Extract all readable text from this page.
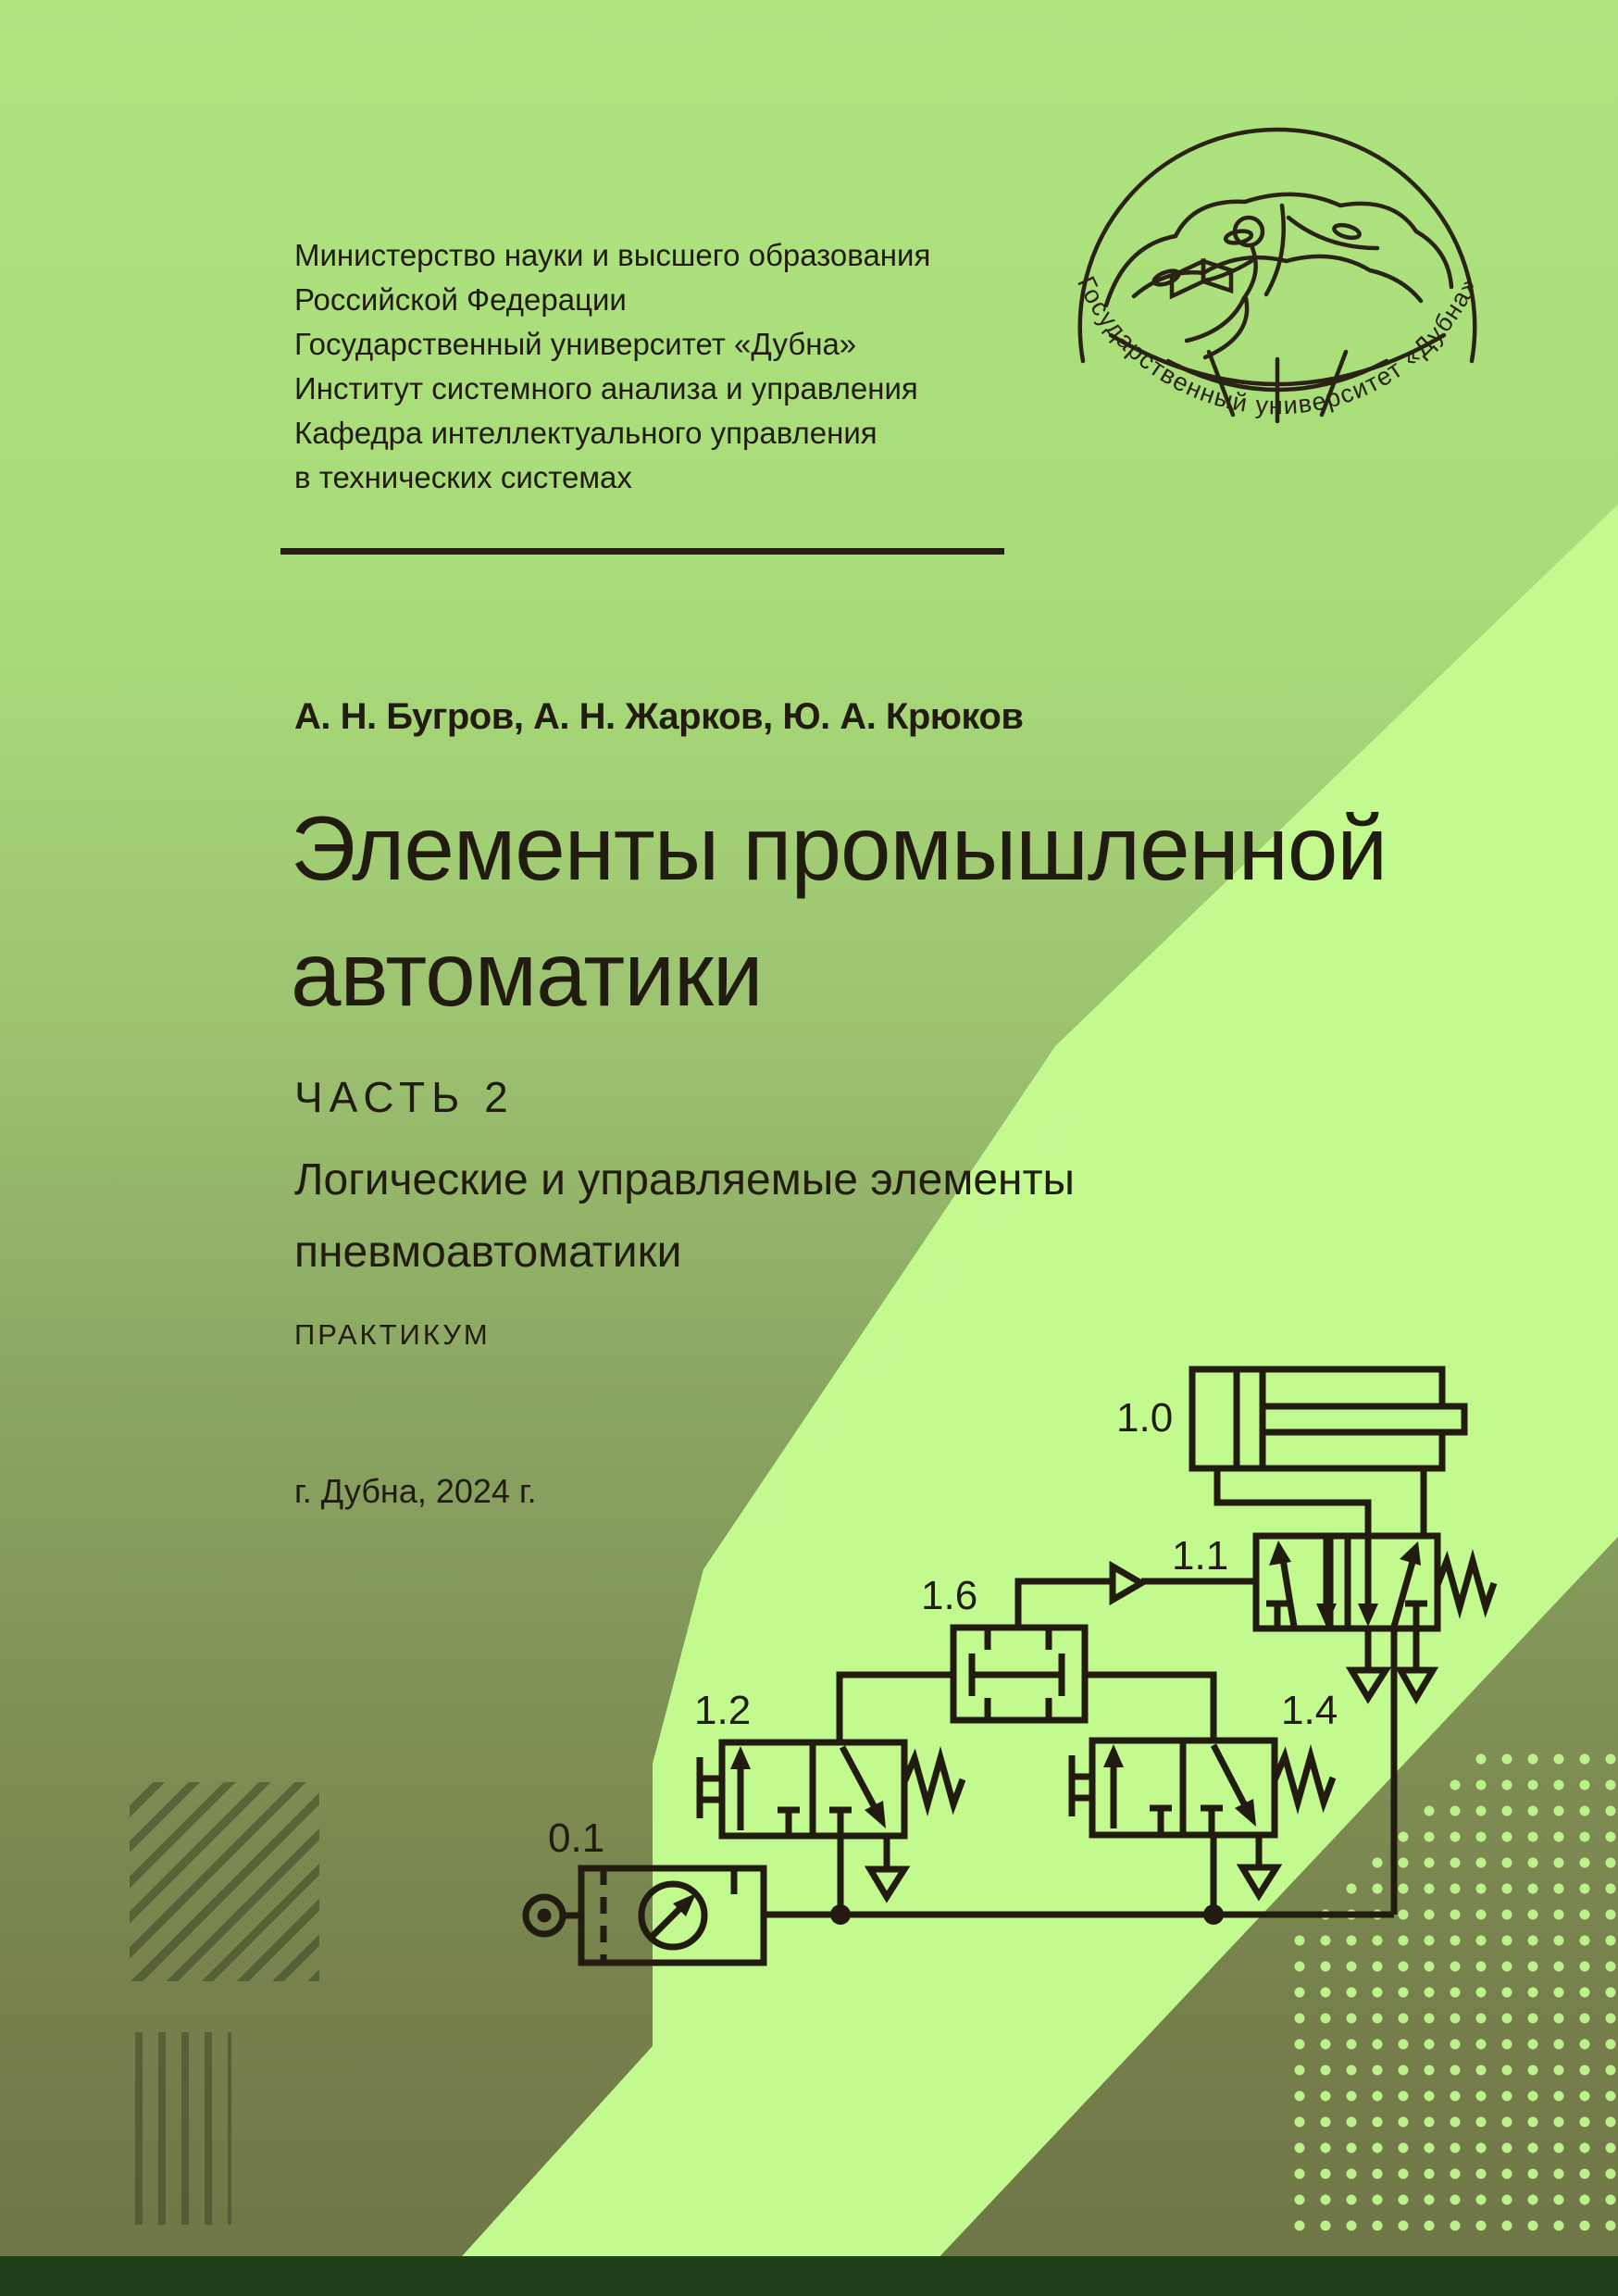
Государственный университет «Дубна»
1.0
1.1
1.6
1.2	1.4
0.1
Министерство науки и высшего образования
Российской Федерации
Государственный университет «Дубна»
Институт системного анализа и управления
Кафедра интеллектуального управления
в технических системах
А. Н. Бугров, А. Н. Жарков, Ю. А. Крюков
Элементы промышленной
автоматики
ЧАСТЬ 2
Логические и управляемые элементы
пневмоавтоматики
ПРАКТИКУМ
г. Дубна, 2024 г.
